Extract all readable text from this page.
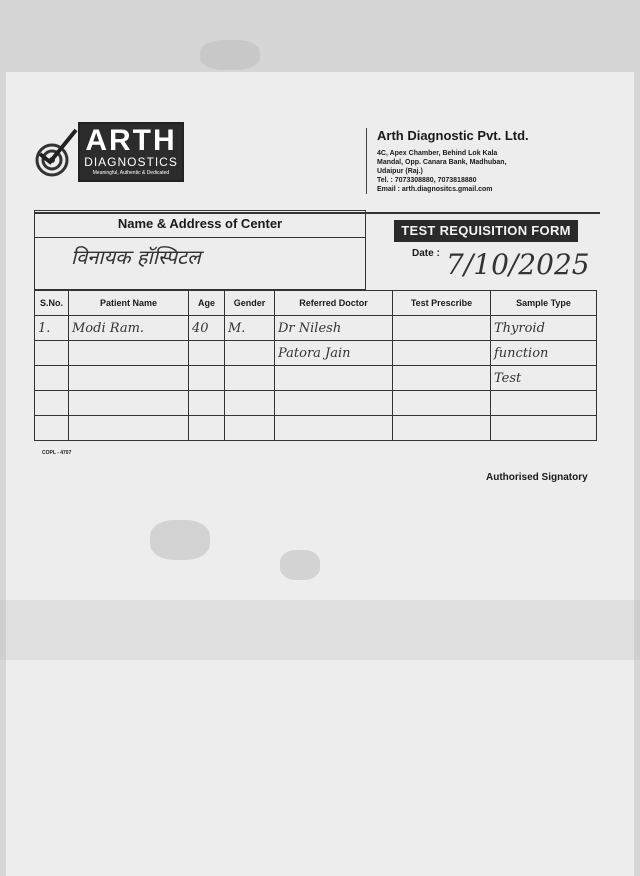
ARTH
DIAGNOSTICS
Meaningful, Authentic & Dedicated

Arth Diagnostic Pvt. Ltd.

4C, Apex Chamber, Behind Lok Kala

Mandal, Opp. Canara Bank, Madhuban,

Udaipur (Raj.)

Tel. : 7073308880, 7073818880

Email : arth.diagnositcs.gmail.com

Name & Address of Center
विनायक हॉस्पिटल
TEST REQUISITION FORM
Date : 7/10/2025
S.No.	Patient Name	Age	Gender	Referred Doctor	Test Prescribe	Sample Type
1.	Modi Ram.	40	M.	Dr Nilesh		Thyroid
				Patora Jain		function
						Test

COPL - 4707
Authorised Signatory
